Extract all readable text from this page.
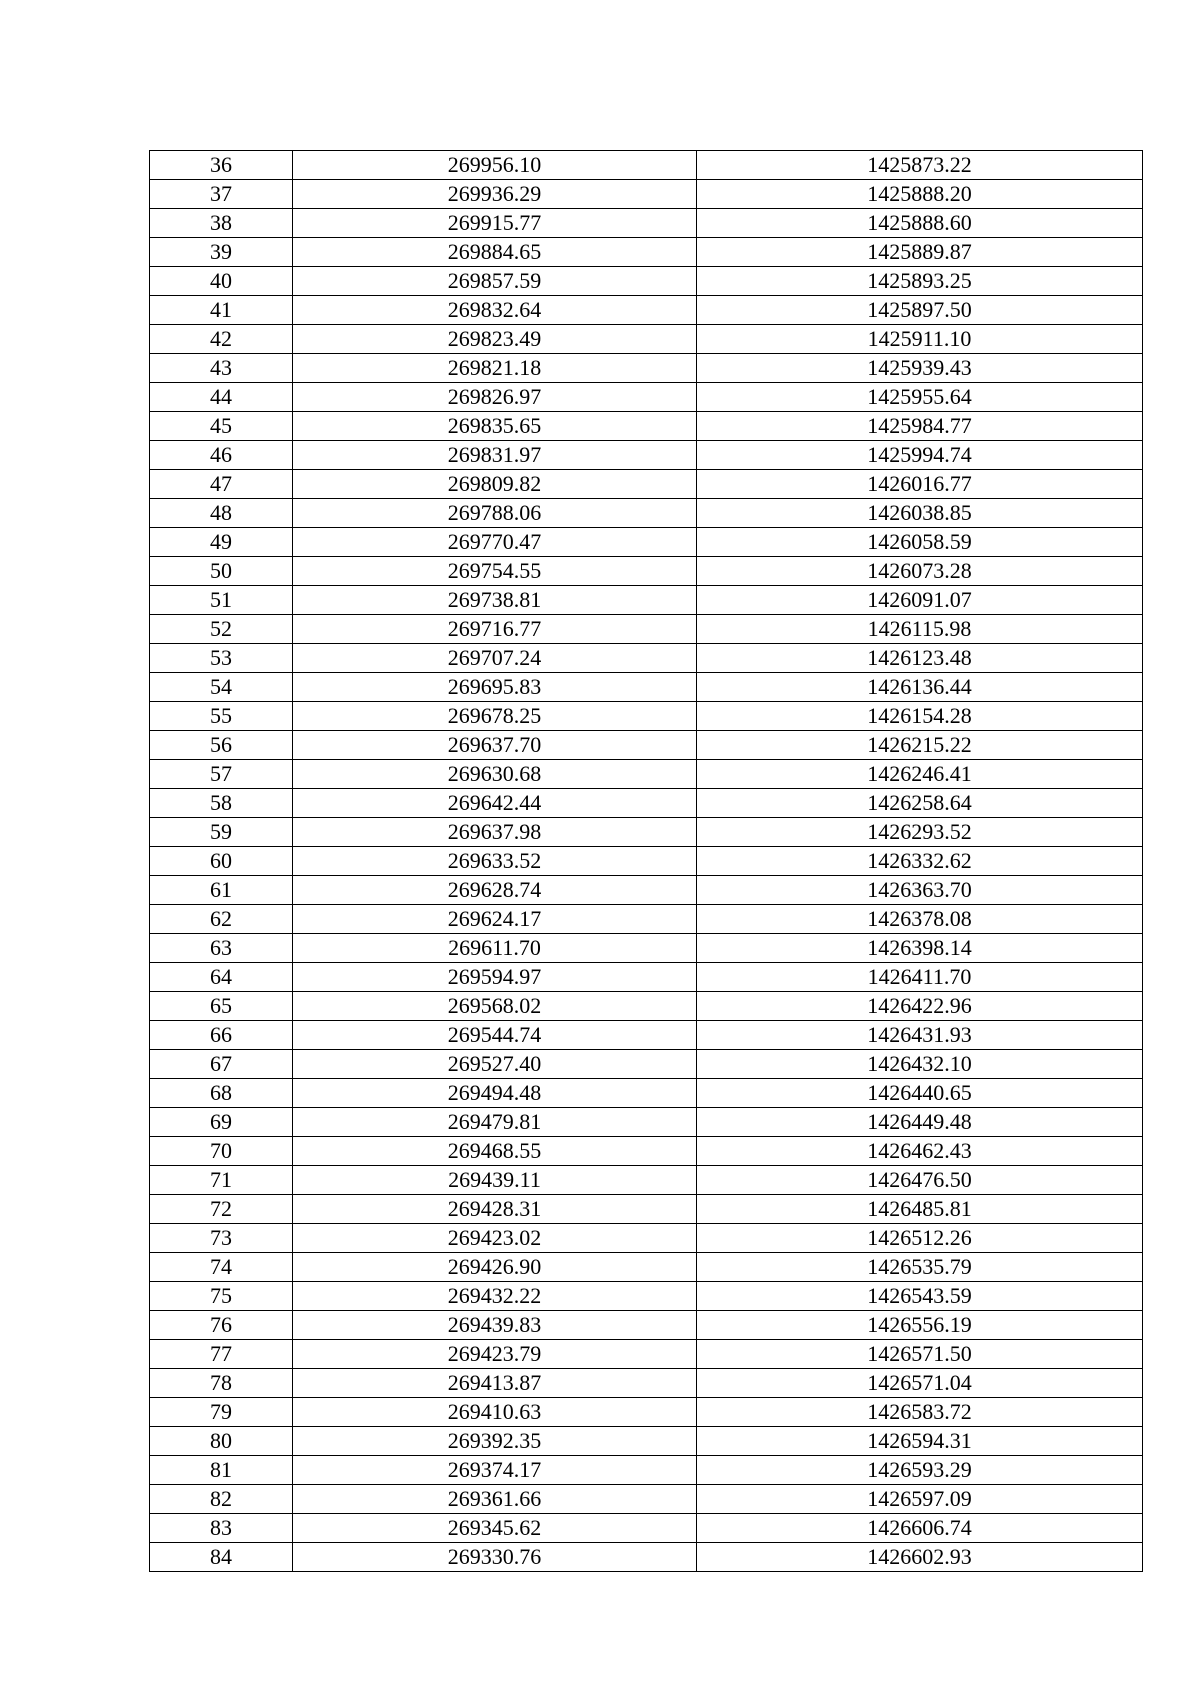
36	269956.10	1425873.22
37	269936.29	1425888.20
38	269915.77	1425888.60
39	269884.65	1425889.87
40	269857.59	1425893.25
41	269832.64	1425897.50
42	269823.49	1425911.10
43	269821.18	1425939.43
44	269826.97	1425955.64
45	269835.65	1425984.77
46	269831.97	1425994.74
47	269809.82	1426016.77
48	269788.06	1426038.85
49	269770.47	1426058.59
50	269754.55	1426073.28
51	269738.81	1426091.07
52	269716.77	1426115.98
53	269707.24	1426123.48
54	269695.83	1426136.44
55	269678.25	1426154.28
56	269637.70	1426215.22
57	269630.68	1426246.41
58	269642.44	1426258.64
59	269637.98	1426293.52
60	269633.52	1426332.62
61	269628.74	1426363.70
62	269624.17	1426378.08
63	269611.70	1426398.14
64	269594.97	1426411.70
65	269568.02	1426422.96
66	269544.74	1426431.93
67	269527.40	1426432.10
68	269494.48	1426440.65
69	269479.81	1426449.48
70	269468.55	1426462.43
71	269439.11	1426476.50
72	269428.31	1426485.81
73	269423.02	1426512.26
74	269426.90	1426535.79
75	269432.22	1426543.59
76	269439.83	1426556.19
77	269423.79	1426571.50
78	269413.87	1426571.04
79	269410.63	1426583.72
80	269392.35	1426594.31
81	269374.17	1426593.29
82	269361.66	1426597.09
83	269345.62	1426606.74
84	269330.76	1426602.93
